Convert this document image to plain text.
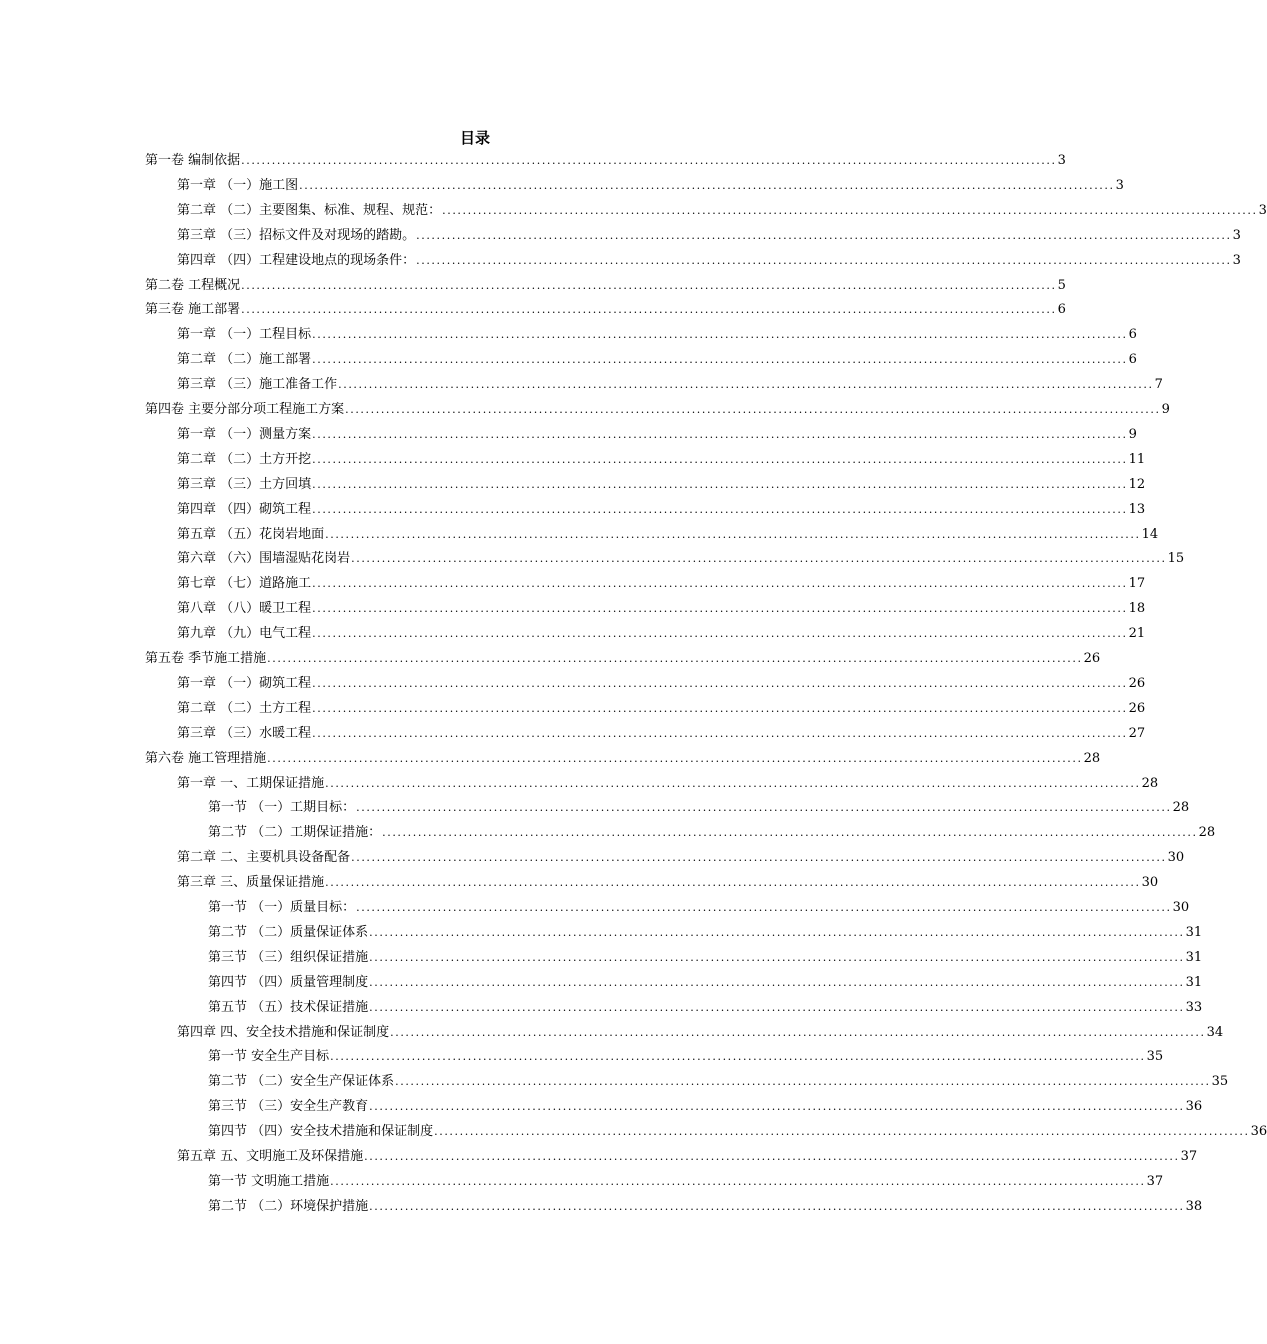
目录
第一卷 编制依据 ................................................................................................................................................................ 3
第一章 （一）施工图 ................................................................................................................................................................ 3
第二章 （二）主要图集、标准、规程、规范： ................................................................................................................................................................ 3
第三章 （三）招标文件及对现场的踏勘。 ................................................................................................................................................................ 3
第四章 （四）工程建设地点的现场条件： ................................................................................................................................................................ 3
第二卷 工程概况 ................................................................................................................................................................ 5
第三卷 施工部署 ................................................................................................................................................................ 6
第一章 （一）工程目标 ................................................................................................................................................................ 6
第二章 （二）施工部署 ................................................................................................................................................................ 6
第三章 （三）施工准备工作 ................................................................................................................................................................ 7
第四卷 主要分部分项工程施工方案 ................................................................................................................................................................ 9
第一章 （一）测量方案 ................................................................................................................................................................ 9
第二章 （二）土方开挖 ................................................................................................................................................................ 11
第三章 （三）土方回填 ................................................................................................................................................................ 12
第四章 （四）砌筑工程 ................................................................................................................................................................ 13
第五章 （五）花岗岩地面 ................................................................................................................................................................ 14
第六章 （六）围墙湿贴花岗岩 ................................................................................................................................................................ 15
第七章 （七）道路施工 ................................................................................................................................................................ 17
第八章 （八）暖卫工程 ................................................................................................................................................................ 18
第九章 （九）电气工程 ................................................................................................................................................................ 21
第五卷 季节施工措施 ................................................................................................................................................................ 26
第一章 （一）砌筑工程 ................................................................................................................................................................ 26
第二章 （二）土方工程 ................................................................................................................................................................ 26
第三章 （三）水暖工程 ................................................................................................................................................................ 27
第六卷 施工管理措施 ................................................................................................................................................................ 28
第一章 一、工期保证措施 ................................................................................................................................................................ 28
第一节 （一）工期目标： ................................................................................................................................................................ 28
第二节 （二）工期保证措施： ................................................................................................................................................................ 28
第二章 二、主要机具设备配备 ................................................................................................................................................................ 30
第三章 三、质量保证措施 ................................................................................................................................................................ 30
第一节 （一）质量目标： ................................................................................................................................................................ 30
第二节 （二）质量保证体系 ................................................................................................................................................................ 31
第三节 （三）组织保证措施 ................................................................................................................................................................ 31
第四节 （四）质量管理制度 ................................................................................................................................................................ 31
第五节 （五）技术保证措施 ................................................................................................................................................................ 33
第四章 四、安全技术措施和保证制度 ................................................................................................................................................................ 34
第一节 安全生产目标 ................................................................................................................................................................ 35
第二节 （二）安全生产保证体系 ................................................................................................................................................................ 35
第三节 （三）安全生产教育 ................................................................................................................................................................ 36
第四节 （四）安全技术措施和保证制度 ................................................................................................................................................................ 36
第五章 五、文明施工及环保措施 ................................................................................................................................................................ 37
第一节 文明施工措施 ................................................................................................................................................................ 37
第二节 （二）环境保护措施 ................................................................................................................................................................ 38
